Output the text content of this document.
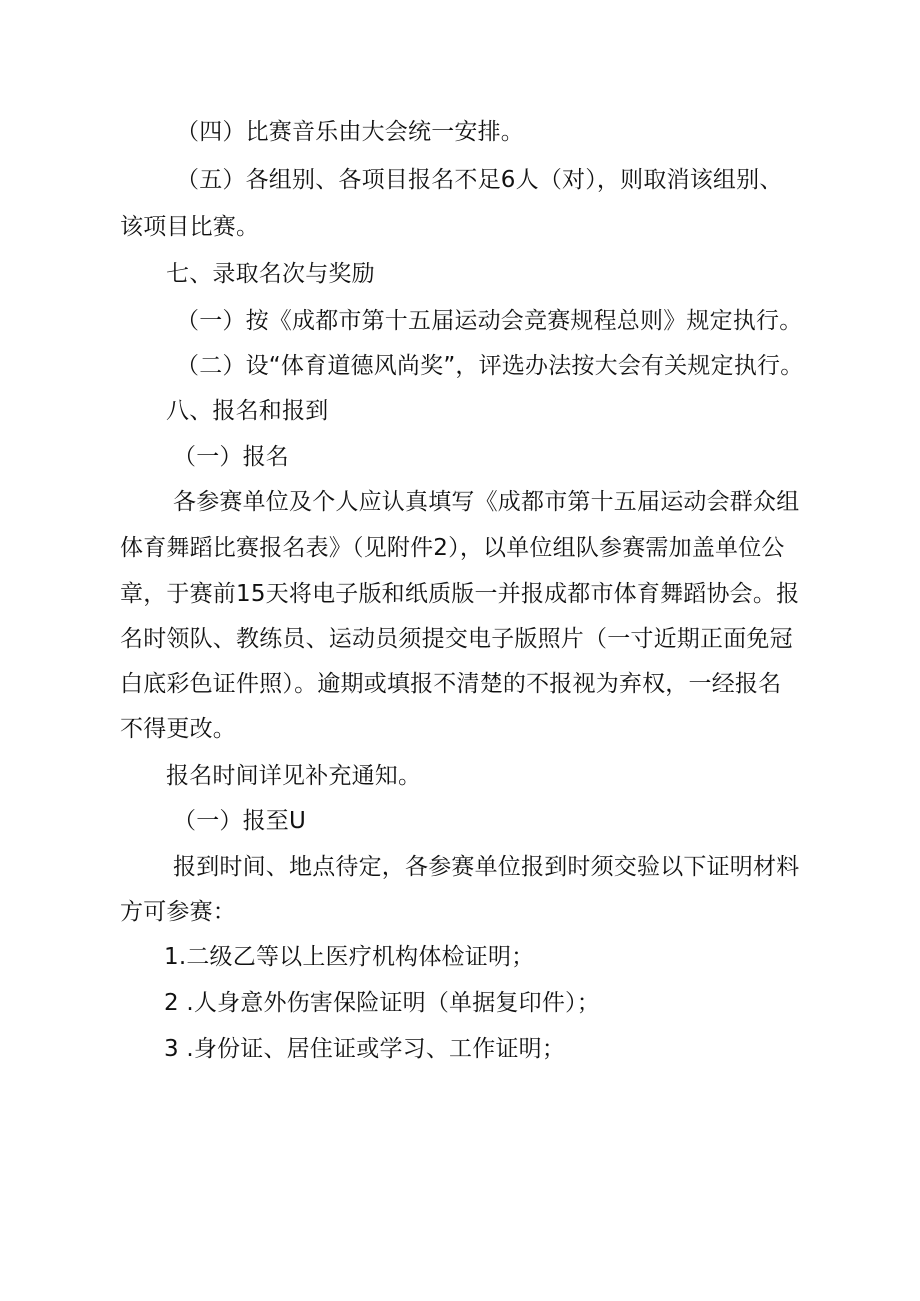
（四）比赛音乐由大会统一安排。
（五）各组别、各项目报名不足6人（对），则取消该组别、
该项目比赛。
七、录取名次与奖励
（一）按《成都市第十五届运动会竞赛规程总则》规定执行。
（二）设“体育道德风尚奖”，评选办法按大会有关规定执行。
八、报名和报到
（一）报名
各参赛单位及个人应认真填写《成都市第十五届运动会群众组
体育舞蹈比赛报名表》（见附件2），以单位组队参赛需加盖单位公
章，于赛前15天将电子版和纸质版一并报成都市体育舞蹈协会。报
名时领队、教练员、运动员须提交电子版照片（一寸近期正面免冠
白底彩色证件照）。逾期或填报不清楚的不报视为弃权，一经报名
不得更改。
报名时间详见补充通知。
（一）报至U
报到时间、地点待定，各参赛单位报到时须交验以下证明材料
方可参赛：
1.二级乙等以上医疗机构体检证明；
2 .人身意外伤害保险证明（单据复印件）；
3 .身份证、居住证或学习、工作证明；
